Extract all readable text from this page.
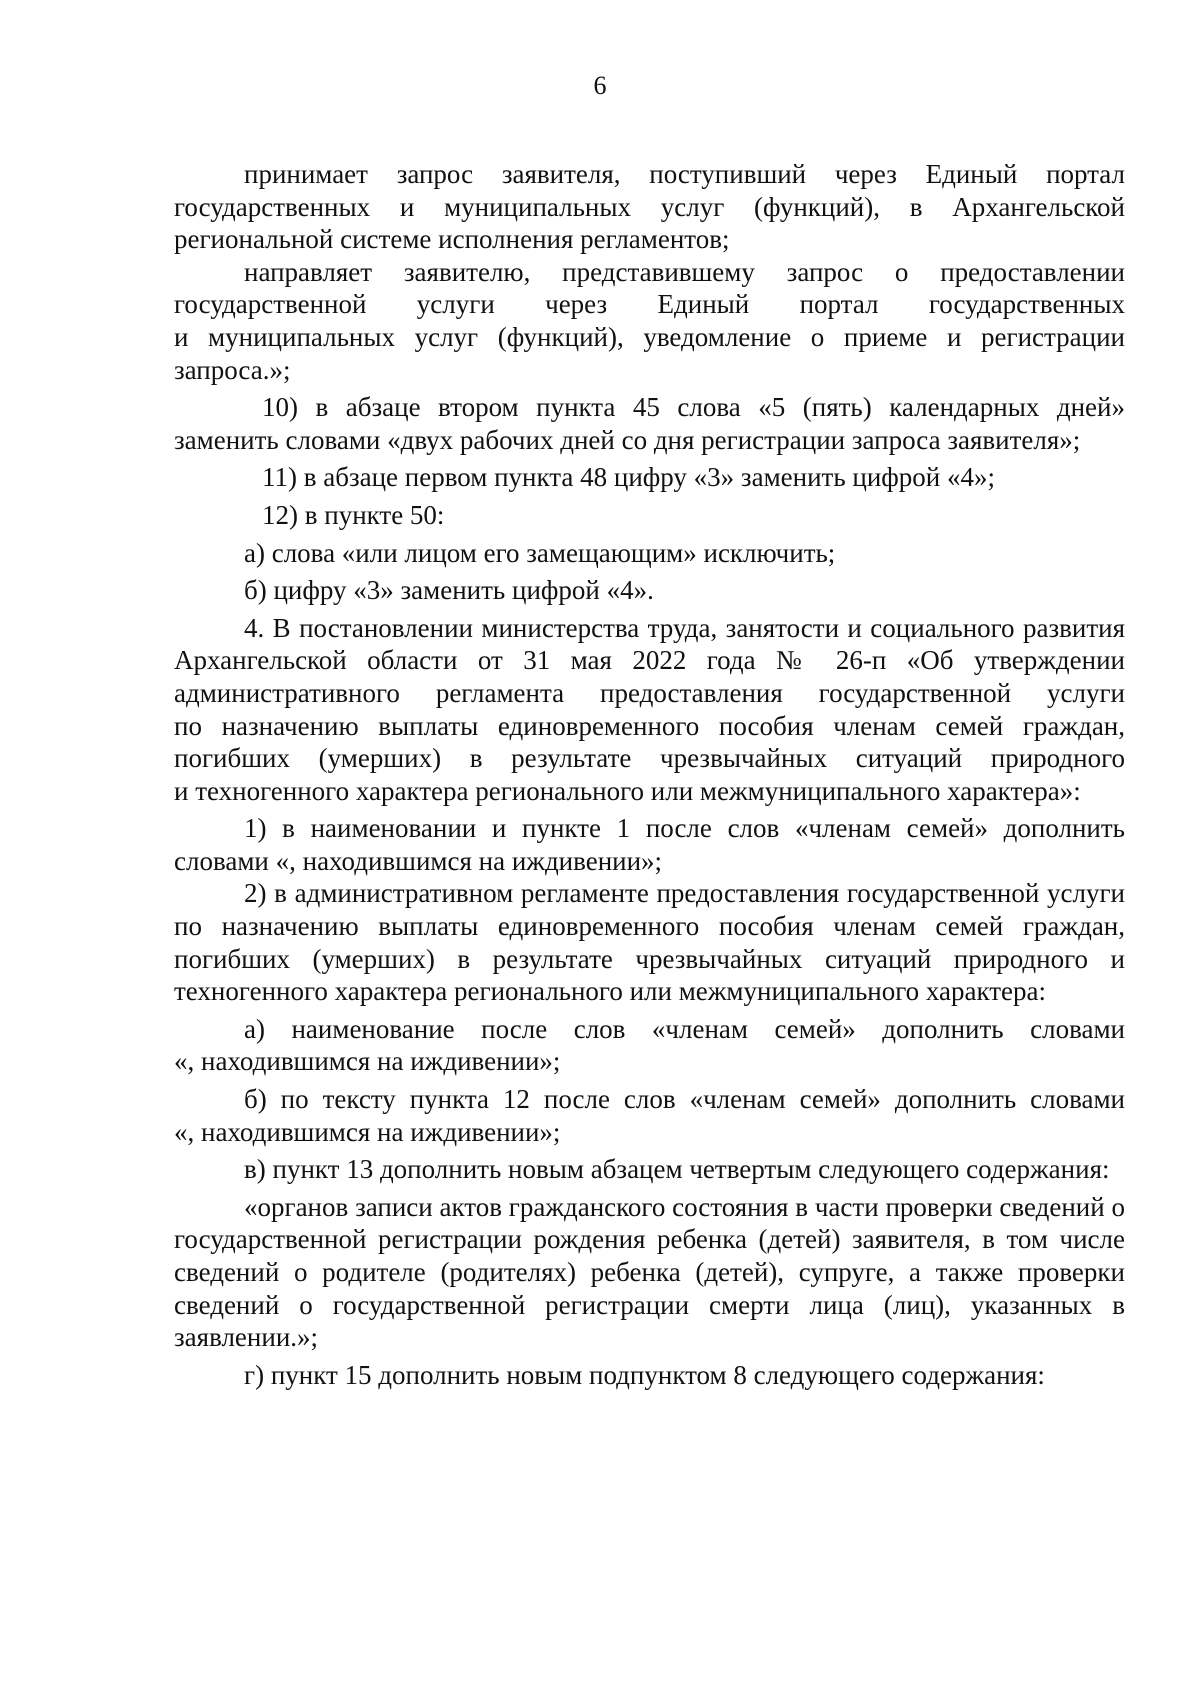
6

принимает запрос заявителя, поступивший через Единый портал государственных и муниципальных услуг (функций), в Архангельской региональной системе исполнения регламентов;

направляет заявителю, представившему запрос о предоставлении государственной услуги через Единый портал государственных

и муниципальных услуг (функций), уведомление о приеме и регистрации запроса.»;

10) в абзаце втором пункта 45 слова «5 (пять) календарных дней» заменить словами «двух рабочих дней со дня регистрации запроса заявителя»;

11) в абзаце первом пункта 48 цифру «3» заменить цифрой «4»;

12) в пункте 50:

а) слова «или лицом его замещающим» исключить;

б) цифру «3» заменить цифрой «4».

4. В постановлении министерства труда, занятости и социального развития Архангельской области от 31 мая 2022 года № 26-п «Об утверждении административного регламента предоставления государственной услуги

по назначению выплаты единовременного пособия членам семей граждан, погибших (умерших) в результате чрезвычайных ситуаций природного

и техногенного характера регионального или межмуниципального характера»:

1) в наименовании и пункте 1 после слов «членам семей» дополнить словами «, находившимся на иждивении»;

2) в административном регламенте предоставления государственной услуги по назначению выплаты единовременного пособия членам семей граждан, погибших (умерших) в результате чрезвычайных ситуаций природного и техногенного характера регионального или межмуниципального характера:

а) наименование после слов «членам семей» дополнить словами

«, находившимся на иждивении»;

б) по тексту пункта 12 после слов «членам семей» дополнить словами

«, находившимся на иждивении»;

в) пункт 13 дополнить новым абзацем четвертым следующего содержания:

«органов записи актов гражданского состояния в части проверки сведений о государственной регистрации рождения ребенка (детей) заявителя, в том числе сведений о родителе (родителях) ребенка (детей), супруге, а также проверки сведений о государственной регистрации смерти лица (лиц), указанных в заявлении.»;

г) пункт 15 дополнить новым подпунктом 8 следующего содержания:
